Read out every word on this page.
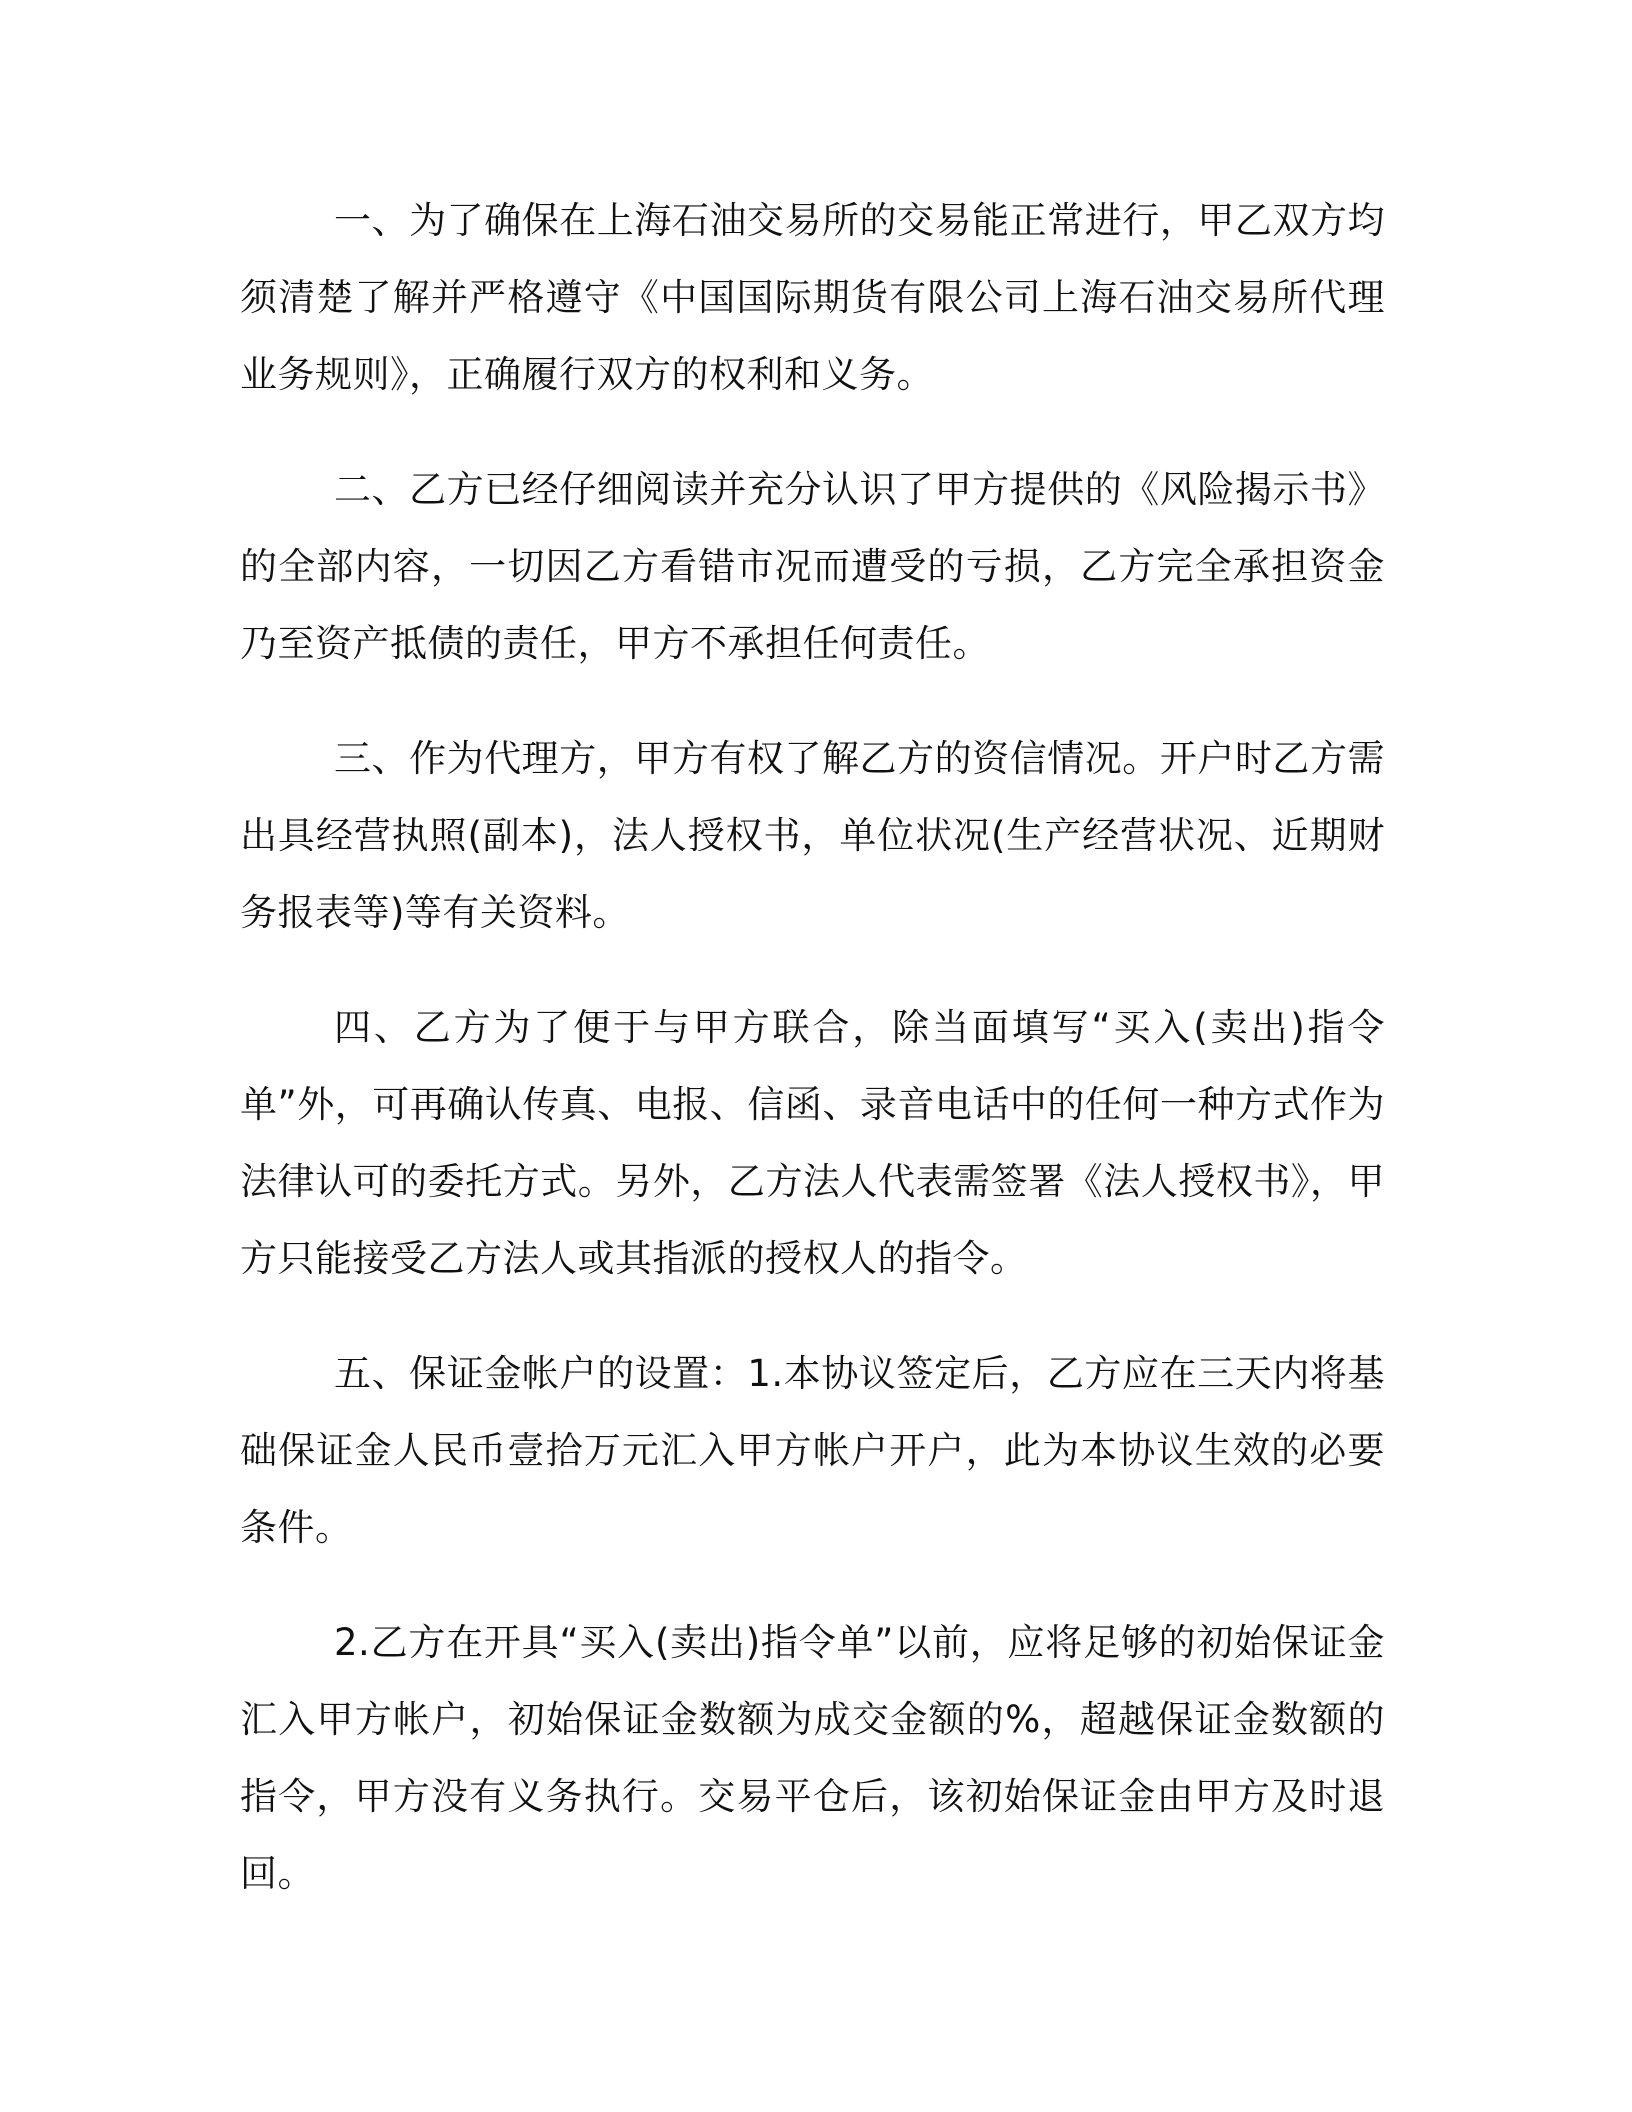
一、为了确保在上海石油交易所的交易能正常进行，甲乙双方均须清楚了解并严格遵守《中国国际期货有限公司上海石油交易所代理业务规则》，正确履行双方的权利和义务。

二、乙方已经仔细阅读并充分认识了甲方提供的《风险揭示书》的全部内容，一切因乙方看错市况而遭受的亏损，乙方完全承担资金乃至资产抵债的责任，甲方不承担任何责任。

三、作为代理方，甲方有权了解乙方的资信情况。开户时乙方需出具经营执照(副本)，法人授权书，单位状况(生产经营状况、近期财务报表等)等有关资料。

四、乙方为了便于与甲方联合，除当面填写“买入(卖出)指令单”外，可再确认传真、电报、信函、录音电话中的任何一种方式作为法律认可的委托方式。另外，乙方法人代表需签署《法人授权书》，甲方只能接受乙方法人或其指派的授权人的指令。

五、保证金帐户的设置：1.本协议签定后，乙方应在三天内将基础保证金人民币壹拾万元汇入甲方帐户开户，此为本协议生效的必要条件。

2.乙方在开具“买入(卖出)指令单”以前，应将足够的初始保证金汇入甲方帐户，初始保证金数额为成交金额的%，超越保证金数额的指令，甲方没有义务执行。交易平仓后，该初始保证金由甲方及时退回。
